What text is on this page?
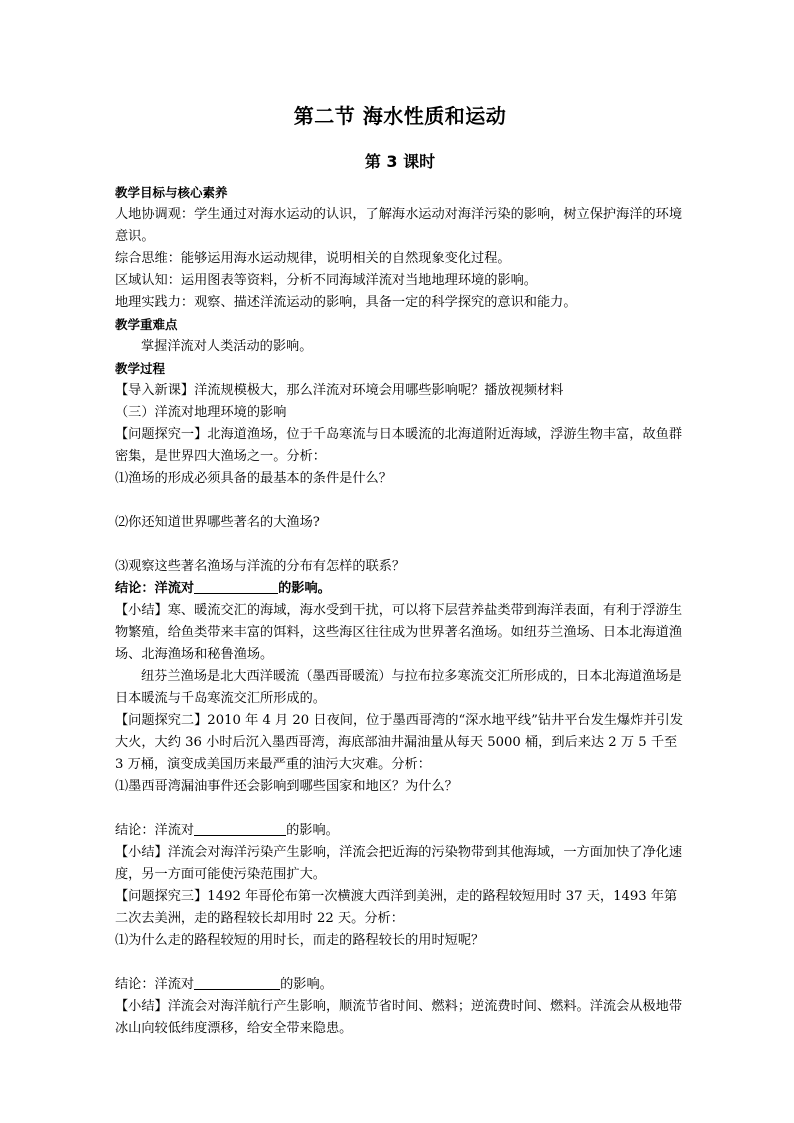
第二节 海水性质和运动
第 3 课时

教学目标与核心素养

人地协调观：学生通过对海水运动的认识，了解海水运动对海洋污染的影响，树立保护海洋的环境意识。

综合思维：能够运用海水运动规律，说明相关的自然现象变化过程。

区域认知：运用图表等资料，分析不同海域洋流对当地地理环境的影响。

地理实践力：观察、描述洋流运动的影响，具备一定的科学探究的意识和能力。

教学重难点

掌握洋流对人类活动的影响。

教学过程

【导入新课】洋流规模极大，那么洋流对环境会用哪些影响呢？播放视频材料

（三）洋流对地理环境的影响

【问题探究一】北海道渔场，位于千岛寒流与日本暖流的北海道附近海域，浮游生物丰富，故鱼群密集，是世界四大渔场之一。分析：

⑴渔场的形成必须具备的最基本的条件是什么？

⑵你还知道世界哪些著名的大渔场?

⑶观察这些著名渔场与洋流的分布有怎样的联系？

结论：洋流对	的影响。

【小结】寒、暖流交汇的海域，海水受到干扰，可以将下层营养盐类带到海洋表面，有利于浮游生物繁殖，给鱼类带来丰富的饵料，这些海区往往成为世界著名渔场。如纽芬兰渔场、日本北海道渔场、北海渔场和秘鲁渔场。

纽芬兰渔场是北大西洋暖流（墨西哥暖流）与拉布拉多寒流交汇所形成的，日本北海道渔场是日本暖流与千岛寒流交汇所形成的。

【问题探究二】2010 年 4 月 20 日夜间，位于墨西哥湾的“深水地平线”钻井平台发生爆炸并引发大火，大约 36 小时后沉入墨西哥湾，海底部油井漏油量从每天 5000 桶，到后来达 2 万 5 千至 3 万桶，演变成美国历来最严重的油污大灾难。分析：

⑴墨西哥湾漏油事件还会影响到哪些国家和地区？为什么？

结论：洋流对	的影响。

【小结】洋流会对海洋污染产生影响，洋流会把近海的污染物带到其他海域，一方面加快了净化速度，另一方面可能使污染范围扩大。

【问题探究三】1492 年哥伦布第一次横渡大西洋到美洲，走的路程较短用时 37 天，1493 年第二次去美洲，走的路程较长却用时 22 天。分析：

⑴为什么走的路程较短的用时长，而走的路程较长的用时短呢？

结论：洋流对	的影响。

【小结】洋流会对海洋航行产生影响，顺流节省时间、燃料；逆流费时间、燃料。洋流会从极地带冰山向较低纬度漂移，给安全带来隐患。
